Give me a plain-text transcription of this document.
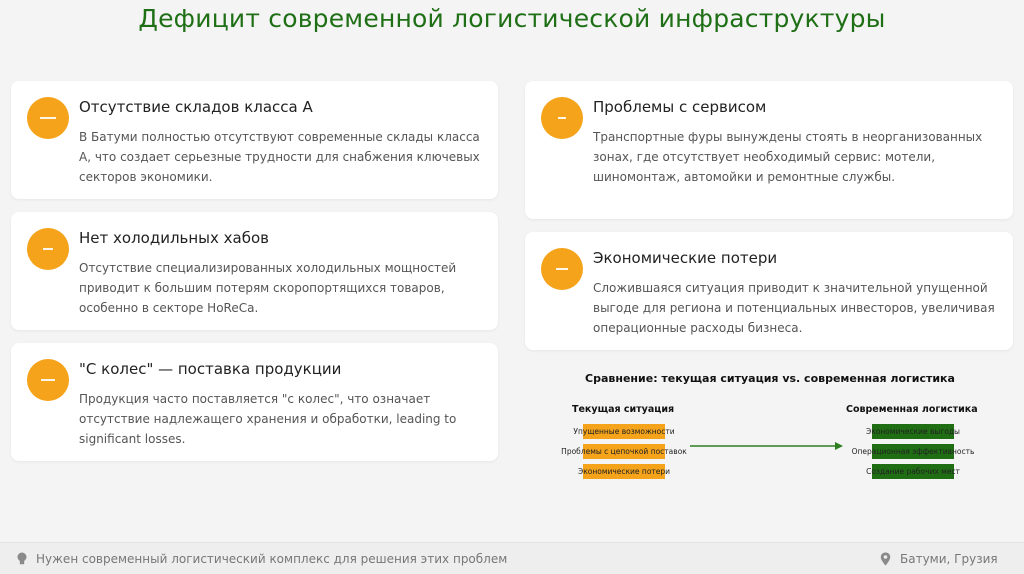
Дефицит современной логистической инфраструктуры
Отсутствие складов класса А
В Батуми полностью отсутствуют современные склады класса А, что создает серьезные трудности для снабжения ключевых секторов экономики.
Проблемы с сервисом
Транспортные фуры вынуждены стоять в неорганизованных зонах, где отсутствует необходимый сервис: мотели, шиномонтаж, автомойки и ремонтные службы.
Нет холодильных хабов
Отсутствие специализированных холодильных мощностей приводит к большим потерям скоропортящихся товаров, особенно в секторе HoReCa.
Экономические потери
Сложившаяся ситуация приводит к значительной упущенной выгоде для региона и потенциальных инвесторов, увеличивая операционные расходы бизнеса.
"С колес" — поставка продукции
Продукция часто поставляется "с колес", что означает отсутствие надлежащего хранения и обработки, leading to significant losses.
Сравнение: текущая ситуация vs. современная логистика
Текущая ситуация	Современная логистика
Упущенные возможности
Проблемы с цепочкой поставок
Экономические потери
Экономические выгоды
Операционная эффективность
Создание рабочих мест
Нужен современный логистический комплекс для решения этих проблем	Батуми, Грузия
